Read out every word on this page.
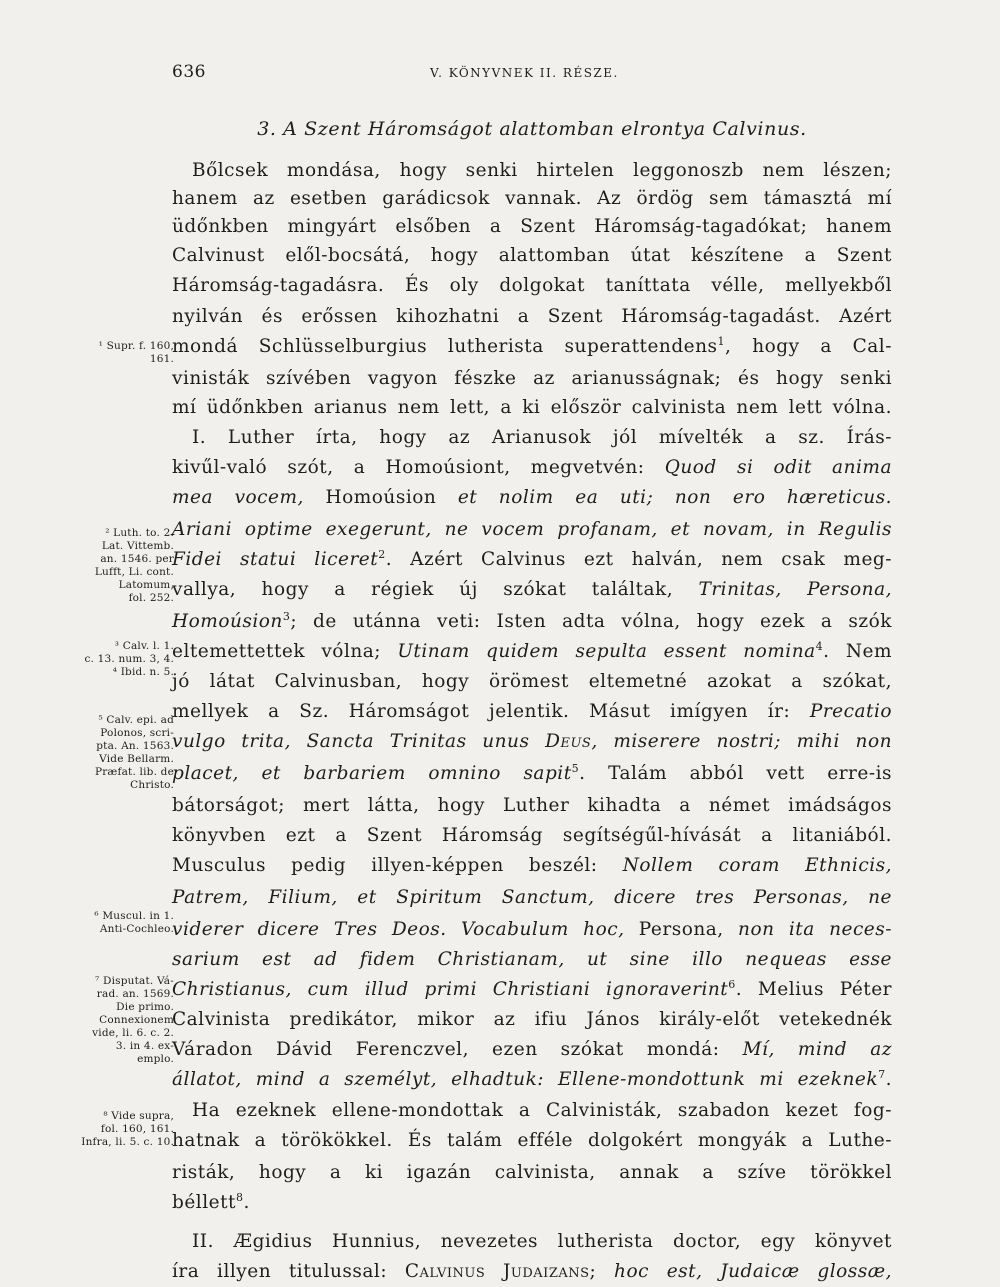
636	V. KÖNYVNEK II. RÉSZE.
3. A Szent Háromságot alattomban elrontya Calvinus.
Bőlcsek mondása, hogy senki hirtelen leggonoszb nem lészen;
hanem az esetben garádicsok vannak. Az ördög sem támasztá mí
üdőnkben mingyárt elsőben a Szent Háromság-tagadókat; hanem
Calvinust elől-bocsátá, hogy alattomban útat készítene a Szent
Háromság-tagadásra. És oly dolgokat taníttata vélle, mellyekből
nyilván és erőssen kihozhatni a Szent Háromság-tagadást. Azért
mondá Schlüsselburgius lutherista superattendens$^1$, hogy a Cal-
vinisták szívében vagyon fészke az arianusságnak; és hogy senki
mí üdőnkben arianus nem lett, a ki először calvinista nem lett vólna.
I. Luther írta, hogy az Arianusok jól mívelték a sz. Írás-
kivűl-való szót, a Homoúsiont, megvetvén: Quod si odit anima
mea vocem, Homoúsion et nolim ea uti; non ero hæreticus.
Ariani optime exegerunt, ne vocem profanam, et novam, in Regulis
Fidei statui liceret$^2$. Azért Calvinus ezt halván, nem csak meg-
vallya, hogy a régiek új szókat találtak, Trinitas, Persona,
Homoúsion$^3$; de utánna veti: Isten adta vólna, hogy ezek a szók
eltemettettek vólna; Utinam quidem sepulta essent nomina$^4$. Nem
jó látat Calvinusban, hogy örömest eltemetné azokat a szókat,
mellyek a Sz. Háromságot jelentik. Másut imígyen ír: Precatio
vulgo trita, Sancta Trinitas unus Deus, miserere nostri; mihi non
placet, et barbariem omnino sapit$^5$. Talám abból vett erre-is
bátorságot; mert látta, hogy Luther kihadta a német imádságos
könyvben ezt a Szent Háromság segítségűl-hívását a litaniából.
Musculus pedig illyen-képpen beszél: Nollem coram Ethnicis,
Patrem, Filium, et Spiritum Sanctum, dicere tres Personas, ne
viderer dicere Tres Deos. Vocabulum hoc, Persona, non ita neces-
sarium est ad fidem Christianam, ut sine illo nequeas esse
Christianus, cum illud primi Christiani ignoraverint$^6$. Melius Péter
Calvinista predikátor, mikor az ifiu János király-előt vetekednék
Váradon Dávid Ferenczvel, ezen szókat mondá: Mí, mind az
állatot, mind a személyt, elhadtuk: Ellene-mondottunk mi ezeknek$^7$.
Ha ezeknek ellene-mondottak a Calvinisták, szabadon kezet fog-
hatnak a törökökkel. És talám efféle dolgokért mongyák a Luthe-
risták, hogy a ki igazán calvinista, annak a szíve törökkel
béllett$^8$.
II. Ægidius Hunnius, nevezetes lutherista doctor, egy könyvet
íra illyen titulussal: Calvinus Judaizans; hoc est, Judaicæ glossæ,
¹ Supr. f. 160,
161.
² Luth. to. 2.
Lat. Vittemb.
an. 1546. per
Lufft, Li. cont.
Latomum,
fol. 252.
³ Calv. l. 1.
c. 13. num. 3, 4.
⁴ Ibid. n. 5.
⁵ Calv. epi. ad
Polonos, scri-
pta. An. 1563.
Vide Bellarm.
Præfat. lib. de
Christo.
⁶ Muscul. in 1.
Anti-Cochleo.
⁷ Disputat. Vá-
rad. an. 1569.
Die primo.
Connexionem
vide, li. 6. c. 2.
3. in 4. ex-
emplo.
⁸ Vide supra,
fol. 160, 161.
Infra, li. 5. c. 10.
